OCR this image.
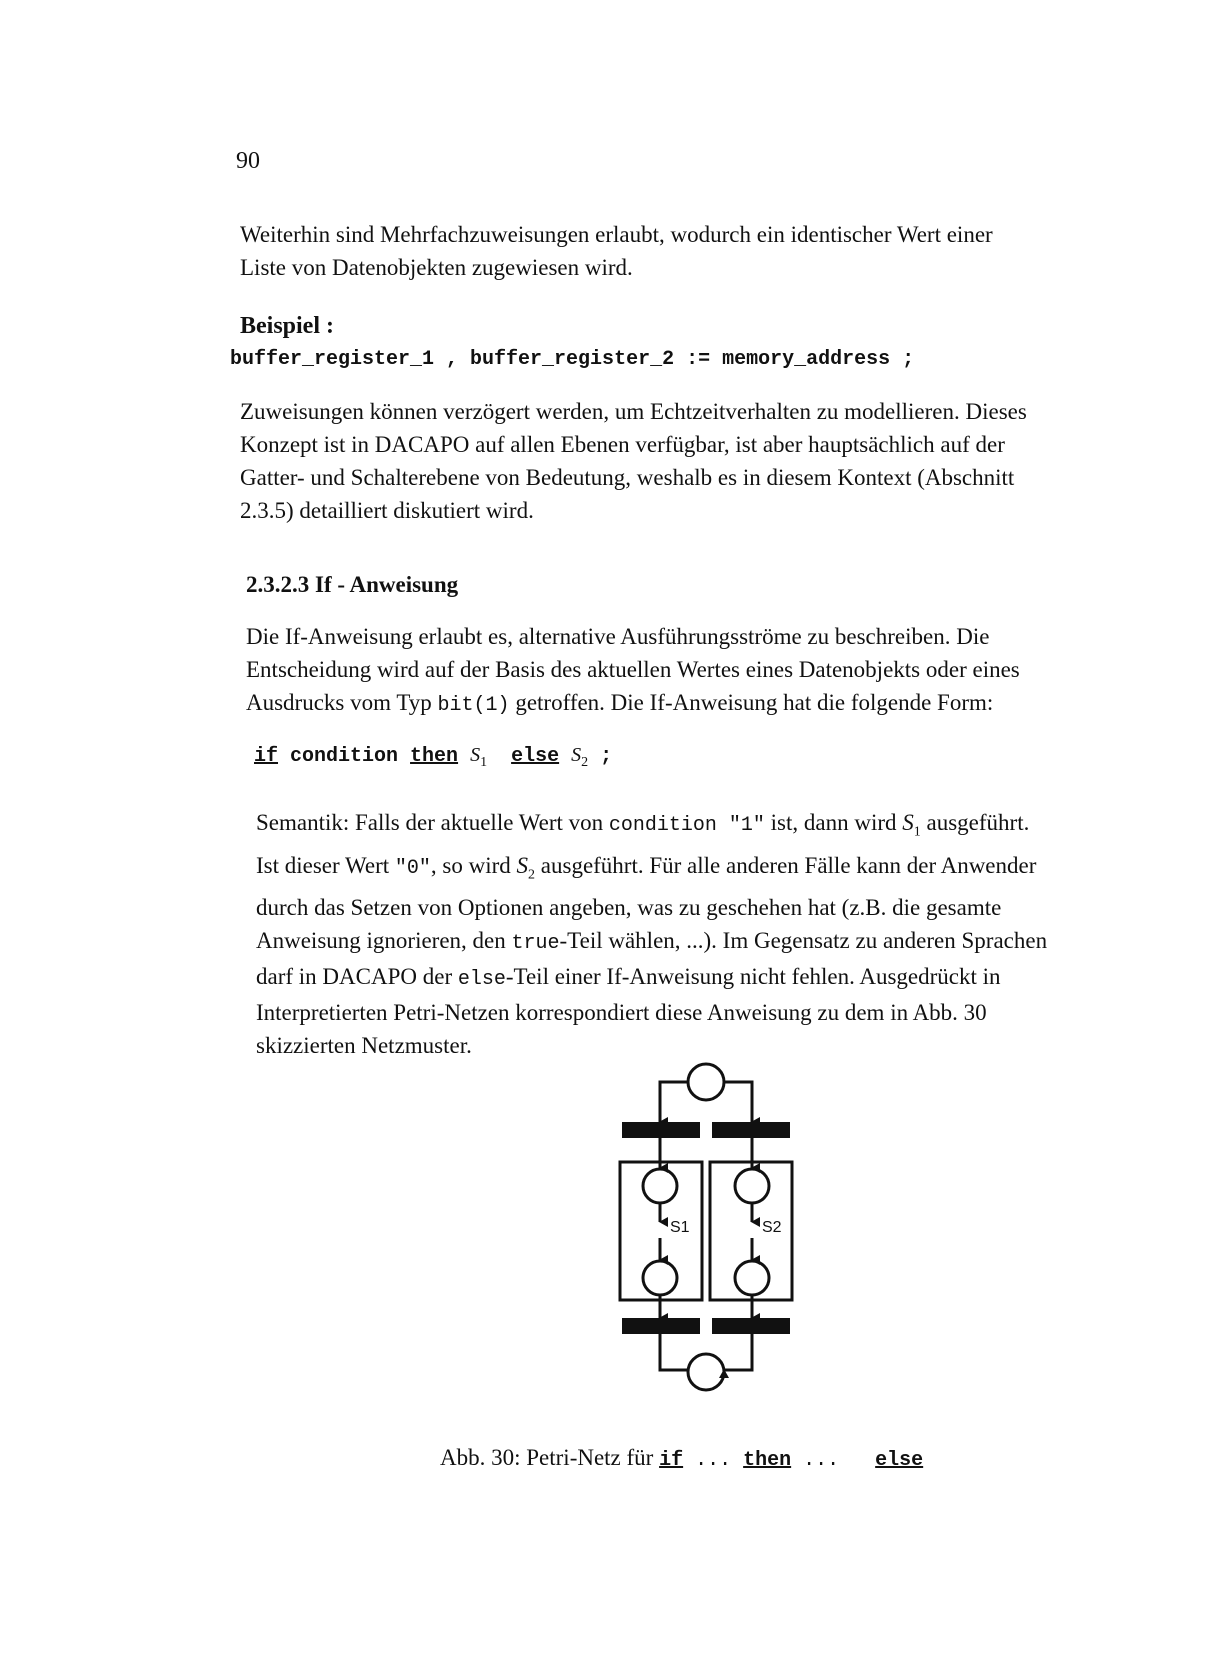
90
Weiterhin sind Mehrfachzuweisungen erlaubt, wodurch ein identischer Wert einer
Liste von Datenobjekten zugewiesen wird.
Beispiel :
buffer_register_1 , buffer_register_2 := memory_address ;
Zuweisungen können verzögert werden, um Echtzeitverhalten zu modellieren. Dieses
Konzept ist in DACAPO auf allen Ebenen verfügbar, ist aber hauptsächlich auf der
Gatter- und Schalterebene von Bedeutung, weshalb es in diesem Kontext (Abschnitt
2.3.5) detailliert diskutiert wird.
2.3.2.3 If - Anweisung
Die If-Anweisung erlaubt es, alternative Ausführungsströme zu beschreiben. Die
Entscheidung wird auf der Basis des aktuellen Wertes eines Datenobjekts oder eines
Ausdrucks vom Typ bit(1) getroffen. Die If-Anweisung hat die folgende Form:
if condition then $S_1$ else $S_2$ ;
Semantik: Falls der aktuelle Wert von condition "1" ist, dann wird $S_1$ ausgeführt.
Ist dieser Wert "0", so wird $S_2$ ausgeführt. Für alle anderen Fälle kann der Anwender
durch das Setzen von Optionen angeben, was zu geschehen hat (z.B. die gesamte
Anweisung ignorieren, den true-Teil wählen, ...). Im Gegensatz zu anderen Sprachen
darf in DACAPO der else-Teil einer If-Anweisung nicht fehlen. Ausgedrückt in
Interpretierten Petri-Netzen korrespondiert diese Anweisung zu dem in Abb. 30
skizzierten Netzmuster.
S1	S2
Abb. 30: Petri-Netz für if ... then ...   else
